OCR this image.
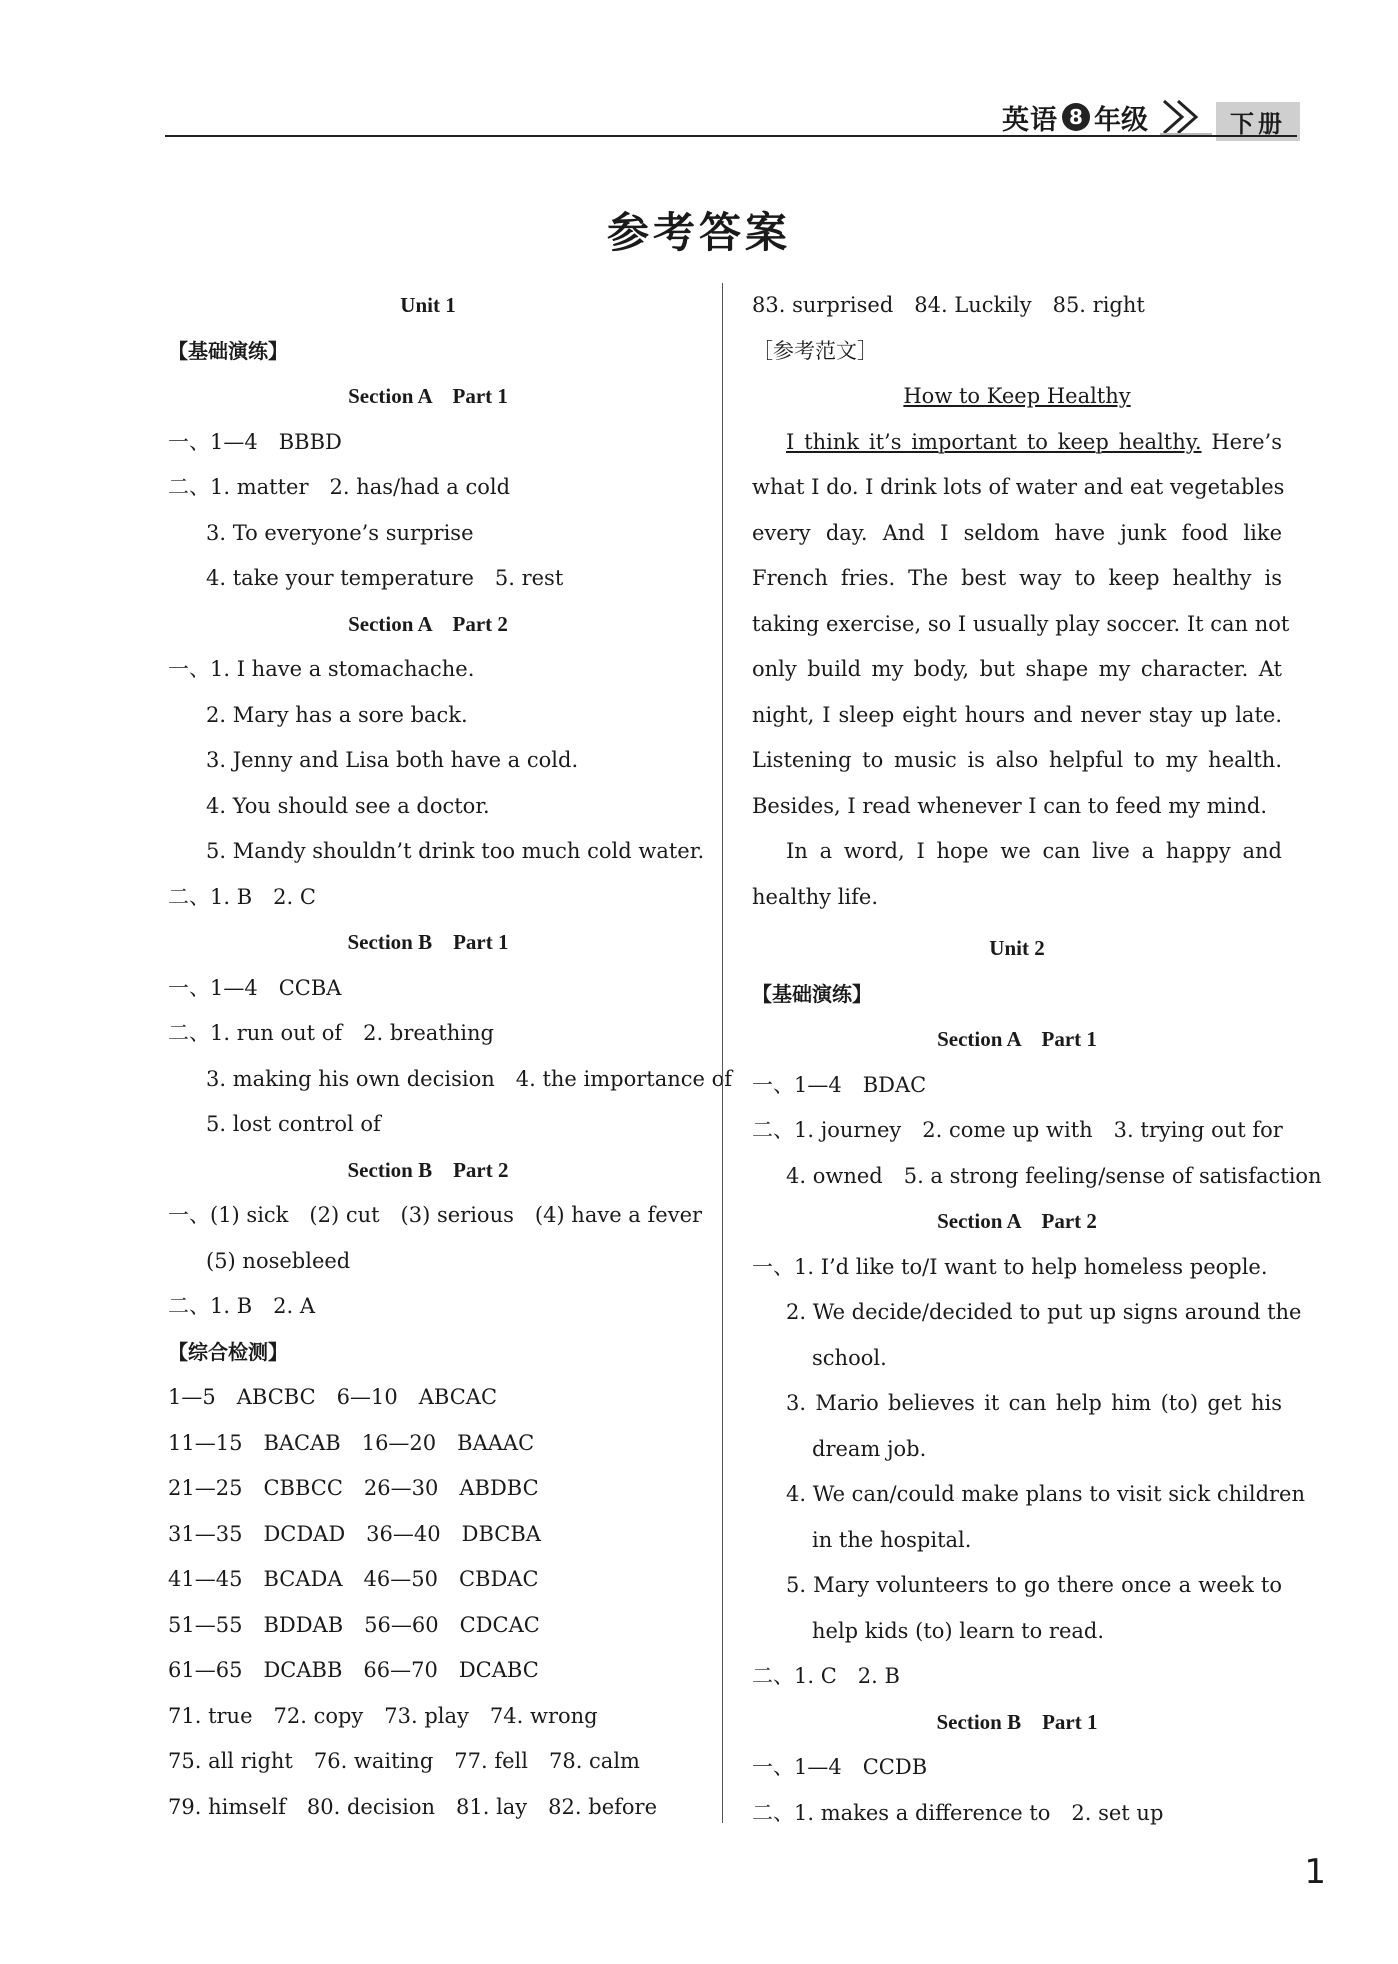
英语 8 年级	下册
参考答案
Unit 1
【基础演练】
Section A　Part 1
一、1—4　BBBD
二、1. matter　2. has/had a cold
3. To everyone’s surprise
4. take your temperature　5. rest
Section A　Part 2
一、1. I have a stomachache.
2. Mary has a sore back.
3. Jenny and Lisa both have a cold.
4. You should see a doctor.
5. Mandy shouldn’t drink too much cold water.
二、1. B　2. C
Section B　Part 1
一、1—4　CCBA
二、1. run out of　2. breathing
3. making his own decision　4. the importance of
5. lost control of
Section B　Part 2
一、(1) sick　(2) cut　(3) serious　(4) have a fever
(5) nosebleed
二、1. B　2. A
【综合检测】
1—5　ABCBC　6—10　ABCAC
11—15　BACAB　16—20　BAAAC
21—25　CBBCC　26—30　ABDBC
31—35　DCDAD　36—40　DBCBA
41—45　BCADA　46—50　CBDAC
51—55　BDDAB　56—60　CDCAC
61—65　DCABB　66—70　DCABC
71. true　72. copy　73. play　74. wrong
75. all right　76. waiting　77. fell　78. calm
79. himself　80. decision　81. lay　82. before
83. surprised　84. Luckily　85. right
［参考范文］
How to Keep Healthy
I think it’s important to keep healthy. Here’s
what I do. I drink lots of water and eat vegetables
every day. And I seldom have junk food like
French fries. The best way to keep healthy is
taking exercise, so I usually play soccer. It can not
only build my body, but shape my character. At
night, I sleep eight hours and never stay up late.
Listening to music is also helpful to my health.
Besides, I read whenever I can to feed my mind.
In a word, I hope we can live a happy and
healthy life.
Unit 2
【基础演练】
Section A　Part 1
一、1—4　BDAC
二、1. journey　2. come up with　3. trying out for
4. owned　5. a strong feeling/sense of satisfaction
Section A　Part 2
一、1. I’d like to/I want to help homeless people.
2. We decide/decided to put up signs around the
school.
3. Mario believes it can help him (to) get his
dream job.
4. We can/could make plans to visit sick children
in the hospital.
5. Mary volunteers to go there once a week to
help kids (to) learn to read.
二、1. C　2. B
Section B　Part 1
一、1—4　CCDB
二、1. makes a difference to　2. set up
1
